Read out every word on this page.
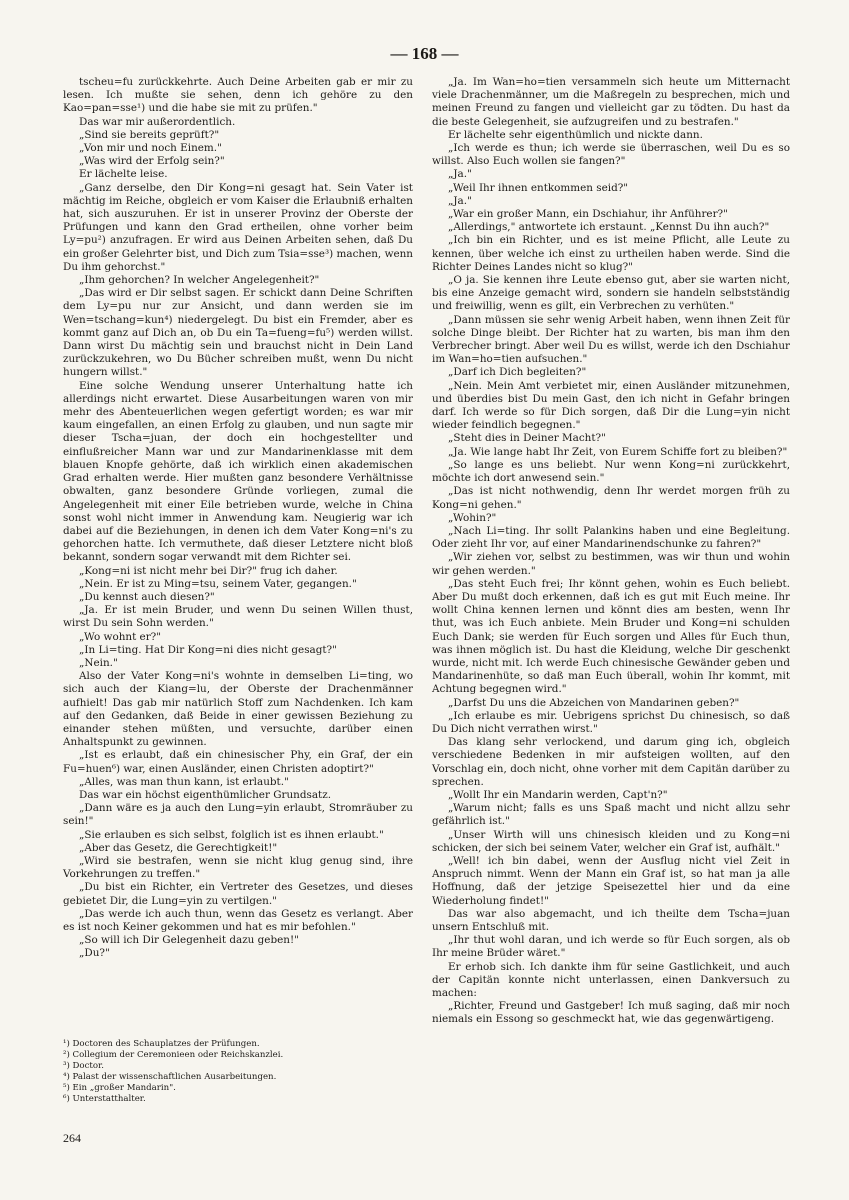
— 168 —

tscheu=fu zurückkehrte. Auch Deine Arbeiten gab er mir zu lesen. Ich mußte sie sehen, denn ich gehöre zu den Kao=pan=sse¹) und die habe sie mit zu prüfen."

Das war mir außerordentlich.

„Sind sie bereits geprüft?"

„Von mir und noch Einem."

„Was wird der Erfolg sein?"

Er lächelte leise.

„Ganz derselbe, den Dir Kong=ni gesagt hat. Sein Vater ist mächtig im Reiche, obgleich er vom Kaiser die Erlaubniß erhalten hat, sich auszuruhen. Er ist in unserer Provinz der Oberste der Prüfungen und kann den Grad ertheilen, ohne vorher beim Ly=pu²) anzufragen. Er wird aus Deinen Arbeiten sehen, daß Du ein großer Gelehrter bist, und Dich zum Tsia=sse³) machen, wenn Du ihm gehorchst."

„Ihm gehorchen? In welcher Angelegenheit?"

„Das wird er Dir selbst sagen. Er schickt dann Deine Schriften dem Ly=pu nur zur Ansicht, und dann werden sie im Wen=tschang=kun⁴) niedergelegt. Du bist ein Fremder, aber es kommt ganz auf Dich an, ob Du ein Ta=fueng=fu⁵) werden willst. Dann wirst Du mächtig sein und brauchst nicht in Dein Land zurückzukehren, wo Du Bücher schreiben mußt, wenn Du nicht hungern willst."

Eine solche Wendung unserer Unterhaltung hatte ich allerdings nicht erwartet. Diese Ausarbeitungen waren von mir mehr des Abenteuerlichen wegen gefertigt worden; es war mir kaum eingefallen, an einen Erfolg zu glauben, und nun sagte mir dieser Tscha=juan, der doch ein hochgestellter und einflußreicher Mann war und zur Mandarinenklasse mit dem blauen Knopfe gehörte, daß ich wirklich einen akademischen Grad erhalten werde. Hier mußten ganz besondere Verhältnisse obwalten, ganz besondere Gründe vorliegen, zumal die Angelegenheit mit einer Eile betrieben wurde, welche in China sonst wohl nicht immer in Anwendung kam. Neugierig war ich dabei auf die Beziehungen, in denen ich dem Vater Kong=ni's zu gehorchen hatte. Ich vermuthete, daß dieser Letztere nicht bloß bekannt, sondern sogar verwandt mit dem Richter sei.

„Kong=ni ist nicht mehr bei Dir?" frug ich daher.

„Nein. Er ist zu Ming=tsu, seinem Vater, gegangen."

„Du kennst auch diesen?"

„Ja. Er ist mein Bruder, und wenn Du seinen Willen thust, wirst Du sein Sohn werden."

„Wo wohnt er?"

„In Li=ting. Hat Dir Kong=ni dies nicht gesagt?"

„Nein."

Also der Vater Kong=ni's wohnte in demselben Li=ting, wo sich auch der Kiang=lu, der Oberste der Drachenmänner aufhielt! Das gab mir natürlich Stoff zum Nachdenken. Ich kam auf den Gedanken, daß Beide in einer gewissen Beziehung zu einander stehen müßten, und versuchte, darüber einen Anhaltspunkt zu gewinnen.

„Ist es erlaubt, daß ein chinesischer Phy, ein Graf, der ein Fu=huen⁶) war, einen Ausländer, einen Christen adoptirt?"

„Alles, was man thun kann, ist erlaubt."

Das war ein höchst eigenthümlicher Grundsatz.

„Dann wäre es ja auch den Lung=yin erlaubt, Stromräuber zu sein!"

„Sie erlauben es sich selbst, folglich ist es ihnen erlaubt."

„Aber das Gesetz, die Gerechtigkeit!"

„Wird sie bestrafen, wenn sie nicht klug genug sind, ihre Vorkehrungen zu treffen."

„Du bist ein Richter, ein Vertreter des Gesetzes, und dieses gebietet Dir, die Lung=yin zu vertilgen."

„Das werde ich auch thun, wenn das Gesetz es verlangt. Aber es ist noch Keiner gekommen und hat es mir befohlen."

„So will ich Dir Gelegenheit dazu geben!"

„Du?"

„Ja. Im Wan=ho=tien versammeln sich heute um Mitternacht viele Drachenmänner, um die Maßregeln zu besprechen, mich und meinen Freund zu fangen und vielleicht gar zu tödten. Du hast da die beste Gelegenheit, sie aufzugreifen und zu bestrafen."

Er lächelte sehr eigenthümlich und nickte dann.

„Ich werde es thun; ich werde sie überraschen, weil Du es so willst. Also Euch wollen sie fangen?"

„Ja."

„Weil Ihr ihnen entkommen seid?"

„Ja."

„War ein großer Mann, ein Dschiahur, ihr Anführer?"

„Allerdings," antwortete ich erstaunt. „Kennst Du ihn auch?"

„Ich bin ein Richter, und es ist meine Pflicht, alle Leute zu kennen, über welche ich einst zu urtheilen haben werde. Sind die Richter Deines Landes nicht so klug?"

„O ja. Sie kennen ihre Leute ebenso gut, aber sie warten nicht, bis eine Anzeige gemacht wird, sondern sie handeln selbstständig und freiwillig, wenn es gilt, ein Verbrechen zu verhüten."

„Dann müssen sie sehr wenig Arbeit haben, wenn ihnen Zeit für solche Dinge bleibt. Der Richter hat zu warten, bis man ihm den Verbrecher bringt. Aber weil Du es willst, werde ich den Dschiahur im Wan=ho=tien aufsuchen."

„Darf ich Dich begleiten?"

„Nein. Mein Amt verbietet mir, einen Ausländer mitzunehmen, und überdies bist Du mein Gast, den ich nicht in Gefahr bringen darf. Ich werde so für Dich sorgen, daß Dir die Lung=yin nicht wieder feindlich begegnen."

„Steht dies in Deiner Macht?"

„Ja. Wie lange habt Ihr Zeit, von Eurem Schiffe fort zu bleiben?"

„So lange es uns beliebt. Nur wenn Kong=ni zurückkehrt, möchte ich dort anwesend sein."

„Das ist nicht nothwendig, denn Ihr werdet morgen früh zu Kong=ni gehen."

„Wohin?"

„Nach Li=ting. Ihr sollt Palankins haben und eine Begleitung. Oder zieht Ihr vor, auf einer Mandarinendschunke zu fahren?"

„Wir ziehen vor, selbst zu bestimmen, was wir thun und wohin wir gehen werden."

„Das steht Euch frei; Ihr könnt gehen, wohin es Euch beliebt. Aber Du mußt doch erkennen, daß ich es gut mit Euch meine. Ihr wollt China kennen lernen und könnt dies am besten, wenn Ihr thut, was ich Euch anbiete. Mein Bruder und Kong=ni schulden Euch Dank; sie werden für Euch sorgen und Alles für Euch thun, was ihnen möglich ist. Du hast die Kleidung, welche Dir geschenkt wurde, nicht mit. Ich werde Euch chinesische Gewänder geben und Mandarinenhüte, so daß man Euch überall, wohin Ihr kommt, mit Achtung begegnen wird."

„Darfst Du uns die Abzeichen von Mandarinen geben?"

„Ich erlaube es mir. Uebrigens sprichst Du chinesisch, so daß Du Dich nicht verrathen wirst."

Das klang sehr verlockend, und darum ging ich, obgleich verschiedene Bedenken in mir aufsteigen wollten, auf den Vorschlag ein, doch nicht, ohne vorher mit dem Capitän darüber zu sprechen.

„Wollt Ihr ein Mandarin werden, Capt'n?"

„Warum nicht; falls es uns Spaß macht und nicht allzu sehr gefährlich ist."

„Unser Wirth will uns chinesisch kleiden und zu Kong=ni schicken, der sich bei seinem Vater, welcher ein Graf ist, aufhält."

„Well! ich bin dabei, wenn der Ausflug nicht viel Zeit in Anspruch nimmt. Wenn der Mann ein Graf ist, so hat man ja alle Hoffnung, daß der jetzige Speisezettel hier und da eine Wiederholung findet!"

Das war also abgemacht, und ich theilte dem Tscha=juan unsern Entschluß mit.

„Ihr thut wohl daran, und ich werde so für Euch sorgen, als ob Ihr meine Brüder wäret."

Er erhob sich. Ich dankte ihm für seine Gastlichkeit, und auch der Capitän konnte nicht unterlassen, einen Dankversuch zu machen:

„Richter, Freund und Gastgeber! Ich muß saging, daß mir noch niemals ein Essong so geschmeckt hat, wie das gegenwärtigeng.

¹) Doctoren des Schauplatzes der Prüfungen.
²) Collegium der Ceremonieen oder Reichskanzlei.
³) Doctor.
⁴) Palast der wissenschaftlichen Ausarbeitungen.
⁵) Ein „großer Mandarin".
⁶) Unterstatthalter.
264
